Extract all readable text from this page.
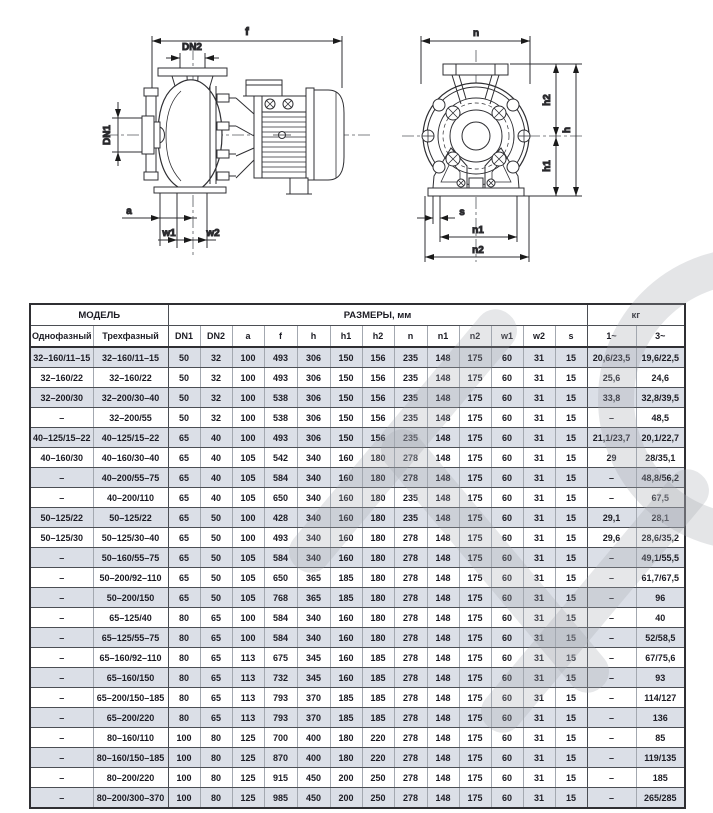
f
DN2
DN1
a
w1	w2
n
h2
h
h1
s
n1
n2
МОДЕЛЬ		РАЗМЕРЫ, мм													кг	
Однофазный	Трехфазный	DN1	DN2	a	f	h	h1	h2	n	n1	n2	w1	w2	s	1~	3~
32–160/11–15	32–160/11–15	50	32	100	493	306	150	156	235	148	175	60	31	15	20,6/23,5	19,6/22,5
32–160/22	32–160/22	50	32	100	493	306	150	156	235	148	175	60	31	15	25,6	24,6
32–200/30	32–200/30–40	50	32	100	538	306	150	156	235	148	175	60	31	15	33,8	32,8/39,5
–	32–200/55	50	32	100	538	306	150	156	235	148	175	60	31	15	–	48,5
40–125/15–22	40–125/15–22	65	40	100	493	306	150	156	235	148	175	60	31	15	21,1/23,7	20,1/22,7
40–160/30	40–160/30–40	65	40	105	542	340	160	180	278	148	175	60	31	15	29	28/35,1
–	40–200/55–75	65	40	105	584	340	160	180	278	148	175	60	31	15	–	48,8/56,2
–	40–200/110	65	40	105	650	340	160	180	235	148	175	60	31	15	–	67,5
50–125/22	50–125/22	65	50	100	428	340	160	180	235	148	175	60	31	15	29,1	28,1
50–125/30	50–125/30–40	65	50	100	493	340	160	180	278	148	175	60	31	15	29,6	28,6/35,2
–	50–160/55–75	65	50	105	584	340	160	180	278	148	175	60	31	15	–	49,1/55,5
–	50–200/92–110	65	50	105	650	365	185	180	278	148	175	60	31	15	–	61,7/67,5
–	50–200/150	65	50	105	768	365	185	180	278	148	175	60	31	15	–	96
–	65–125/40	80	65	100	584	340	160	180	278	148	175	60	31	15	–	40
–	65–125/55–75	80	65	100	584	340	160	180	278	148	175	60	31	15	–	52/58,5
–	65–160/92–110	80	65	113	675	345	160	185	278	148	175	60	31	15	–	67/75,6
–	65–160/150	80	65	113	732	345	160	185	278	148	175	60	31	15	–	93
–	65–200/150–185	80	65	113	793	370	185	185	278	148	175	60	31	15	–	114/127
–	65–200/220	80	65	113	793	370	185	185	278	148	175	60	31	15	–	136
–	80–160/110	100	80	125	700	400	180	220	278	148	175	60	31	15	–	85
–	80–160/150–185	100	80	125	870	400	180	220	278	148	175	60	31	15	–	119/135
–	80–200/220	100	80	125	915	450	200	250	278	148	175	60	31	15	–	185
–	80–200/300–370	100	80	125	985	450	200	250	278	148	175	60	31	15	–	265/285
